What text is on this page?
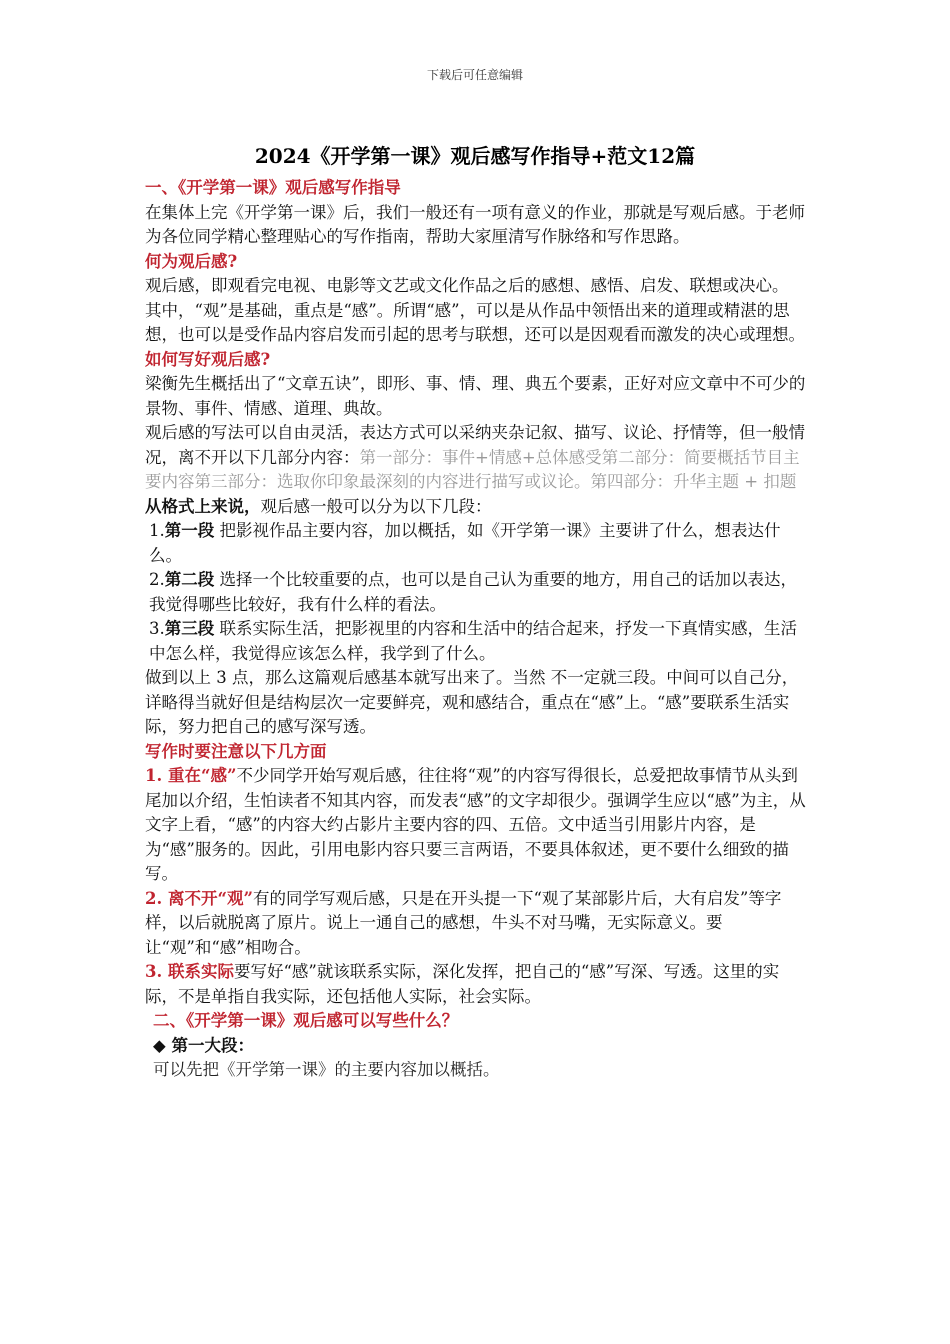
下载后可任意编辑
2024《开学第一课》观后感写作指导+范文12篇

一、《开学第一课》观后感写作指导

在集体上完《开学第一课》后，我们一般还有一项有意义的作业，那就是写观后感。于老师为各位同学精心整理贴心的写作指南，帮助大家厘清写作脉络和写作思路。

何为观后感?

观后感，即观看完电视、电影等文艺或文化作品之后的感想、感悟、启发、联想或决心。

其中，“观”是基础，重点是“感”。所谓“感”，可以是从作品中领悟出来的道理或精湛的思想，也可以是受作品内容启发而引起的思考与联想，还可以是因观看而激发的决心或理想。

如何写好观后感?

梁衡先生概括出了“文章五诀”，即形、事、情、理、典五个要素，正好对应文章中不可少的景物、事件、情感、道理、典故。

观后感的写法可以自由灵活，表达方式可以采纳夹杂记叙、描写、议论、抒情等，但一般情况，离不开以下几部分内容：第一部分：事件+情感+总体感受第二部分：简要概括节目主要内容第三部分：选取你印象最深刻的内容进行描写或议论。第四部分：升华主题 + 扣题

从格式上来说，观后感一般可以分为以下几段：

1.第一段 把影视作品主要内容，加以概括，如《开学第一课》主要讲了什么，想表达什么。

2.第二段 选择一个比较重要的点，也可以是自己认为重要的地方，用自己的话加以表达，我觉得哪些比较好，我有什么样的看法。

3.第三段 联系实际生活，把影视里的内容和生活中的结合起来，抒发一下真情实感，生活中怎么样，我觉得应该怎么样，我学到了什么。

做到以上 3 点，那么这篇观后感基本就写出来了。当然 不一定就三段。中间可以自己分，详略得当就好但是结构层次一定要鲜亮，观和感结合，重点在“感”上。“感”要联系生活实际，努力把自己的感写深写透。

写作时要注意以下几方面

1. 重在“感”不少同学开始写观后感，往往将“观”的内容写得很长，总爱把故事情节从头到尾加以介绍，生怕读者不知其内容，而发表“感”的文字却很少。强调学生应以“感”为主，从文字上看，“感”的内容大约占影片主要内容的四、五倍。文中适当引用影片内容，是为“感”服务的。因此，引用电影内容只要三言两语，不要具体叙述，更不要什么细致的描写。

2. 离不开“观”有的同学写观后感，只是在开头提一下“观了某部影片后，大有启发”等字样，以后就脱离了原片。说上一通自己的感想，牛头不对马嘴，无实际意义。要让“观”和“感”相吻合。

3. 联系实际要写好“感”就该联系实际，深化发挥，把自己的“感”写深、写透。这里的实际，不是单指自我实际，还包括他人实际，社会实际。

二、《开学第一课》观后感可以写些什么？

◆ 第一大段：

可以先把《开学第一课》的主要内容加以概括。
